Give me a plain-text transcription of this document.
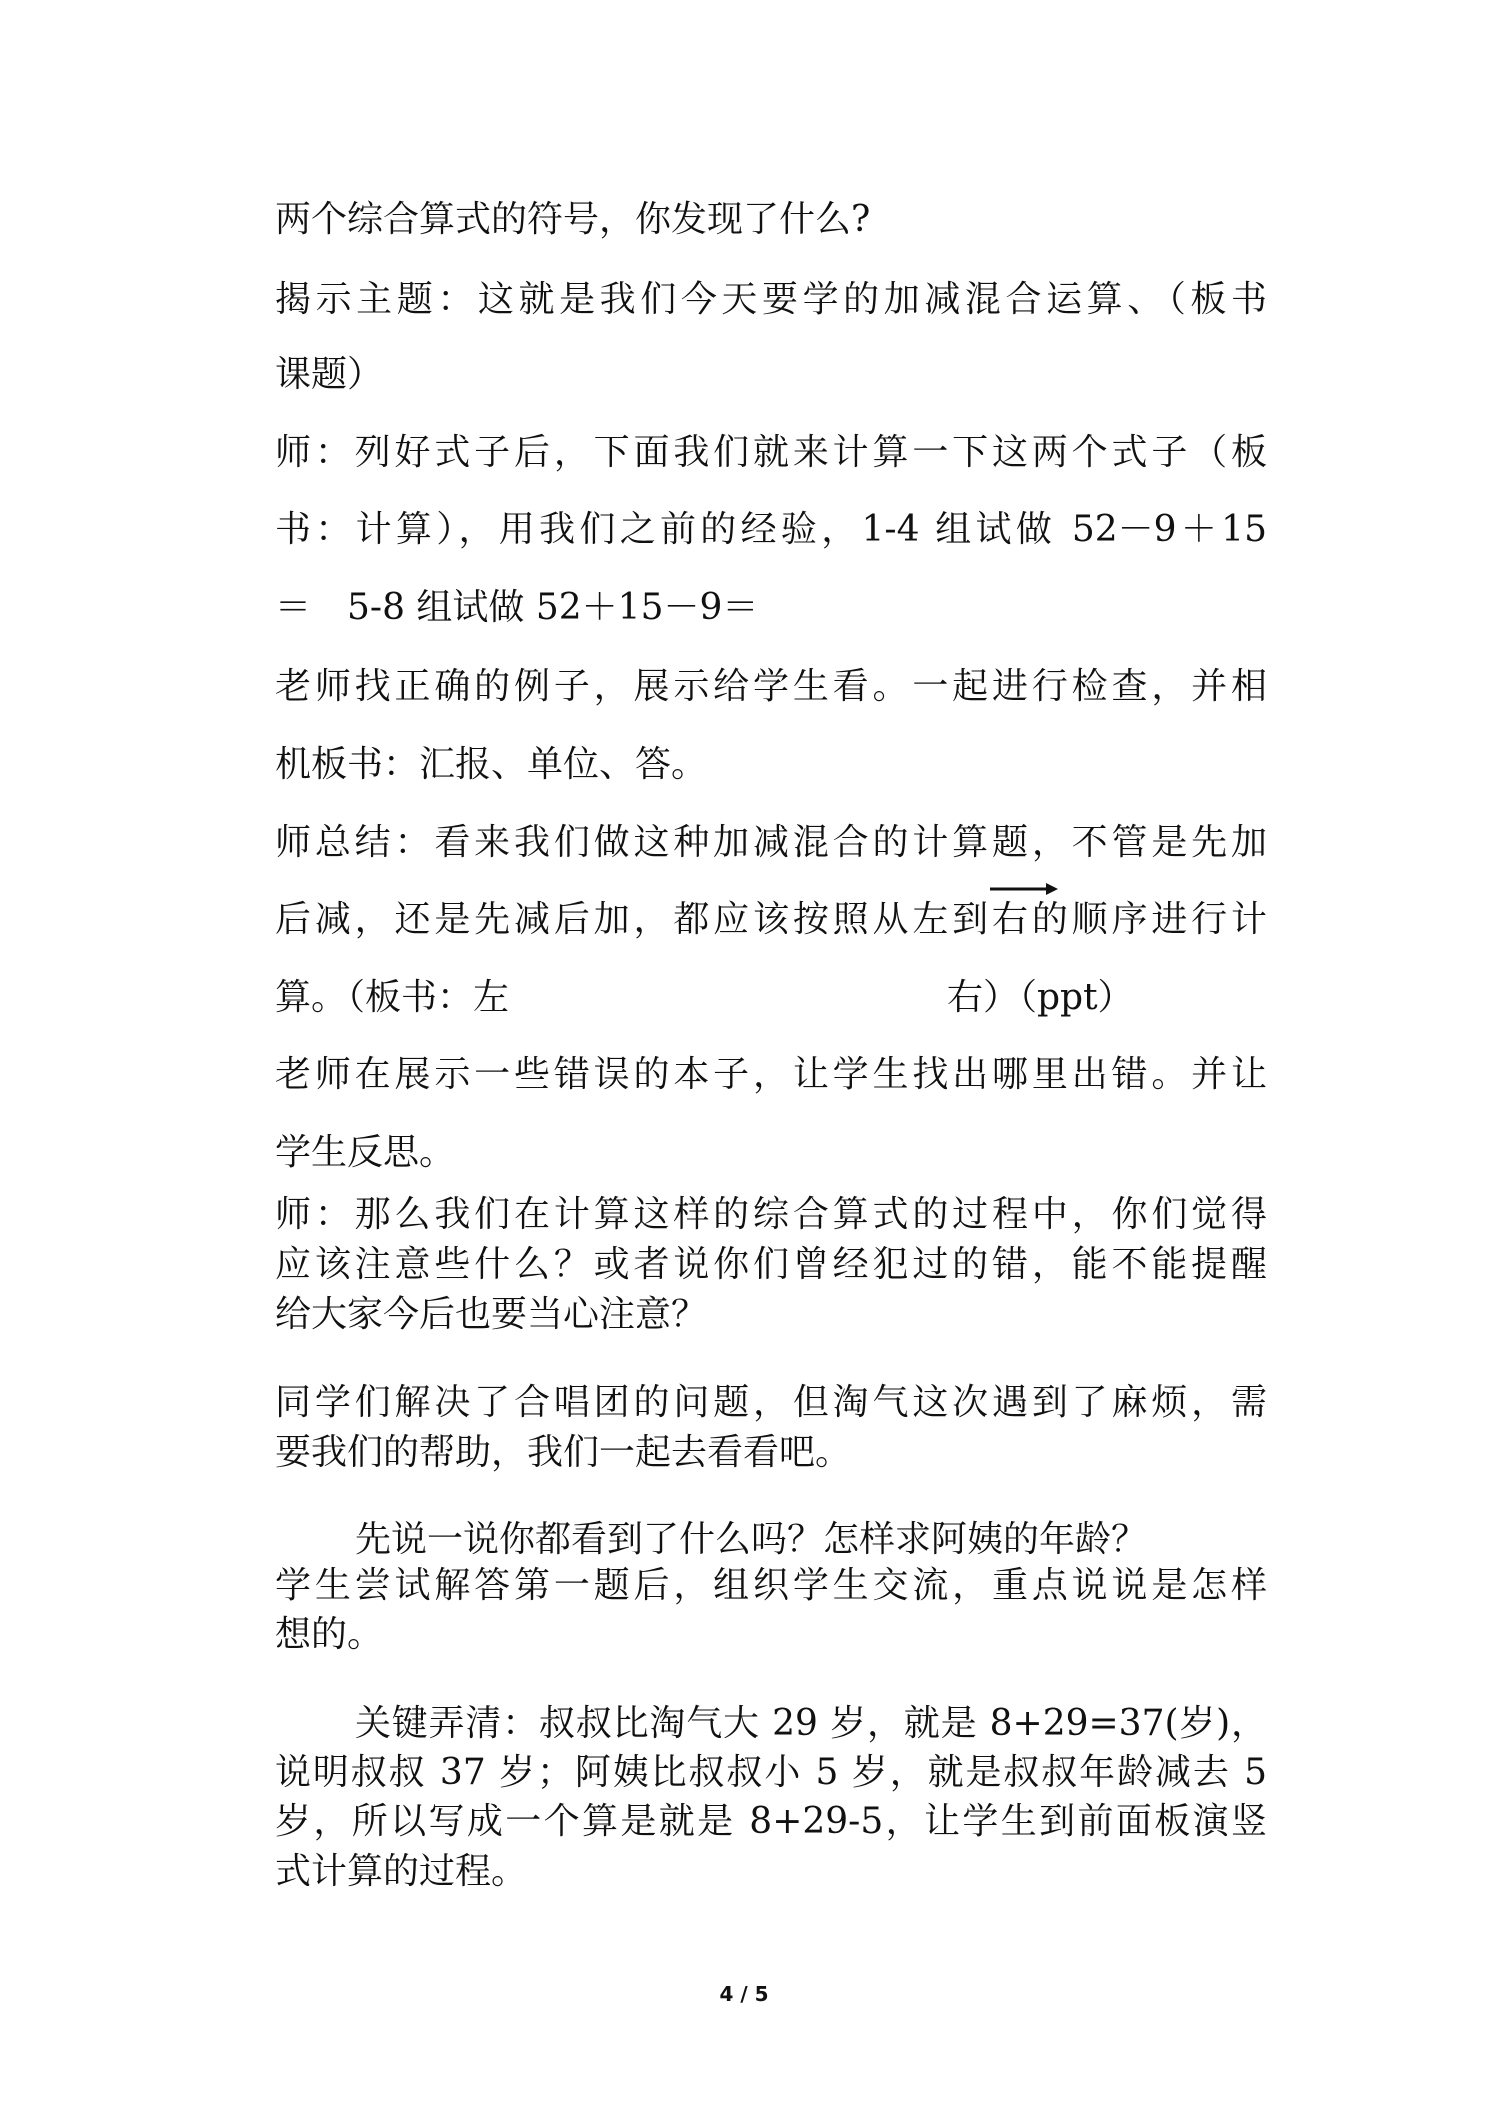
两个综合算式的符号，你发现了什么?
揭示主题：这就是我们今天要学的加减混合运算、（板书
课题）
师：列好式子后，下面我们就来计算一下这两个式子（板
书：计算），用我们之前的经验，1-4 组试做 52－9＋15
＝　5-8 组试做 52＋15－9＝
老师找正确的例子，展示给学生看。一起进行检查，并相
机板书：汇报、单位、答。
师总结：看来我们做这种加减混合的计算题，不管是先加
后减，还是先减后加，都应该按照从左到右的顺序进行计
算。（板书：左	右）（ppt）
老师在展示一些错误的本子，让学生找出哪里出错。并让
学生反思。
师：那么我们在计算这样的综合算式的过程中，你们觉得
应该注意些什么？或者说你们曾经犯过的错，能不能提醒
给大家今后也要当心注意？
同学们解决了合唱团的问题，但淘气这次遇到了麻烦，需
要我们的帮助，我们一起去看看吧。
先说一说你都看到了什么吗？怎样求阿姨的年龄？
学生尝试解答第一题后，组织学生交流，重点说说是怎样
想的。
关键弄清：叔叔比淘气大 29 岁，就是 8+29=37(岁)，
说明叔叔 37 岁；阿姨比叔叔小 5 岁，就是叔叔年龄减去 5
岁，所以写成一个算是就是 8+29-5，让学生到前面板演竖
式计算的过程。
4 / 5
